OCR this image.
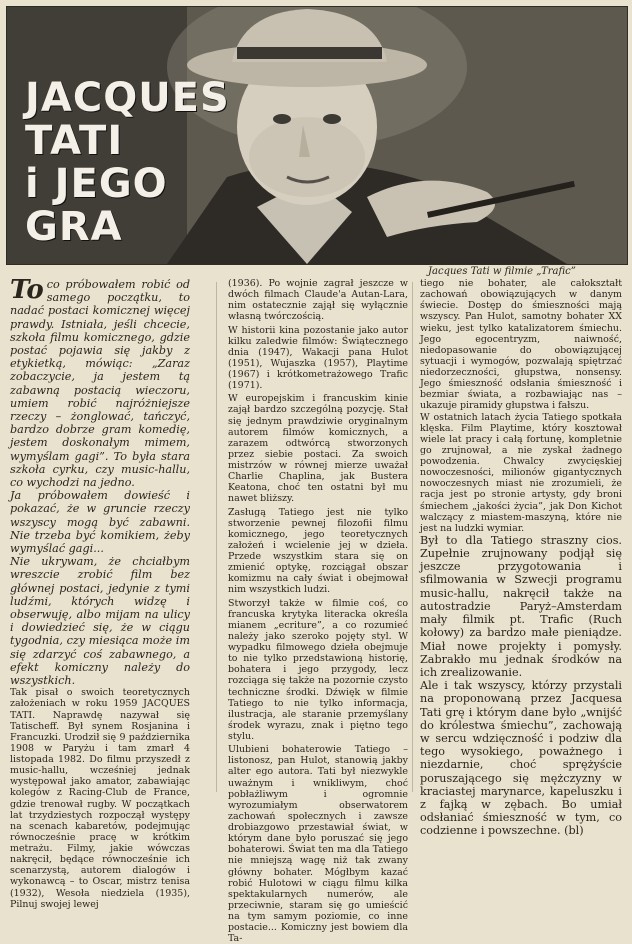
JACQUES
TATI
i JEGO
GRA
Jacques Tati w filmie „Trafic”

To co próbowałem robić od samego początku, to nadać postaci komicznej więcej prawdy. Istniała, jeśli chcecie, szkoła filmu komicznego, gdzie postać pojawia się jakby z etykietką, mówiąc: „Zaraz zobaczycie, ja jestem tą zabawną postacią wieczoru, umiem robić najróżniejsze rzeczy – żonglować, tańczyć, bardzo dobrze gram komedię, jestem doskonałym mimem, wymyślam gagi”. To była stara szkoła cyrku, czy music-hallu, co wychodzi na jedno.

Ja próbowałem dowieść i pokazać, że w gruncie rzeczy wszyscy mogą być zabawni. Nie trzeba być komikiem, żeby wymyślać gagi...

Nie ukrywam, że chciałbym wreszcie zrobić film bez głównej postaci, jedynie z tymi ludźmi, których widzę i obserwuję, albo mijam na ulicy i dowiedzieć się, że w ciągu tygodnia, czy miesiąca może im się zdarzyć coś zabawnego, a efekt komiczny należy do wszystkich.

Tak pisał o swoich teoretycznych założeniach w roku 1959 JACQUES TATI. Naprawdę nazywał się Tatischeff. Był synem Rosjanina i Francuzki. Urodził się 9 października 1908 w Paryżu i tam zmarł 4 listopada 1982. Do filmu przyszedł z music-hallu, wcześniej jednak występował jako amator, zabawiając kolegów z Racing-Club de France, gdzie trenował rugby. W początkach lat trzydziestych rozpoczął występy na scenach kabaretów, podejmując równocześnie pracę w krótkim metrażu. Filmy, jakie wówczas nakręcił, będące równocześnie ich scenarzystą, autorem dialogów i wykonawcą – to Oscar, mistrz tenisa (1932), Wesoła niedziela (1935), Pilnuj swojej lewej

(1936). Po wojnie zagrał jeszcze w dwóch filmach Claude'a Autan-Lara, nim ostatecznie zajął się wyłącznie własną twórczością.

W historii kina pozostanie jako autor kilku zaledwie filmów: Świątecznego dnia (1947), Wakacji pana Hulot (1951), Wujaszka (1957), Playtime (1967) i krótkometrażowego Trafic (1971).

W europejskim i francuskim kinie zajął bardzo szczególną pozycję. Stał się jednym prawdziwie oryginalnym autorem filmów komicznych, a zarazem odtwórcą stworzonych przez siebie postaci. Za swoich mistrzów w równej mierze uważał Charlie Chaplina, jak Bustera Keatona, choć ten ostatni był mu nawet bliższy.

Zasługą Tatiego jest nie tylko stworzenie pewnej filozofii filmu komicznego, jego teoretycznych założeń i wcielenie jej w dzieła. Przede wszystkim stara się on zmienić optykę, rozciągał obszar komizmu na cały świat i obejmował nim wszystkich ludzi.

Stworzył także w filmie coś, co francuska krytyka literacka określa mianem „ecriture”, a co rozumieć należy jako szeroko pojęty styl. W wypadku filmowego dzieła obejmuje to nie tylko przedstawioną historię, bohatera i jego przygody, lecz rozciąga się także na pozornie czysto techniczne środki. Dźwięk w filmie Tatiego to nie tylko informacja, ilustracja, ale staranie przemyślany środek wyrazu, znak i piętno tego stylu.

Ulubieni bohaterowie Tatiego – listonosz, pan Hulot, stanowią jakby alter ego autora. Tati był niezwykle uważnym i wnikliwym, choć pobłażliwym i ogromnie wyrozumiałym obserwatorem zachowań społecznych i zawsze drobiazgowo przestawiał świat, w którym dane było poruszać się jego bohaterowi. Świat ten ma dla Tatiego nie mniejszą wagę niż tak zwany główny bohater. Mógłbym kazać robić Hulotowi w ciągu filmu kilka spektakularnych numerów, ale przeciwnie, staram się go umieścić na tym samym poziomie, co inne postacie... Komiczny jest bowiem dla Ta-

tiego nie bohater, ale całokształt zachowań obowiązujących w danym świecie. Dostęp do śmieszności mają wszyscy. Pan Hulot, samotny bohater XX wieku, jest tylko katalizatorem śmiechu. Jego egocentryzm, naiwność, niedopasowanie do obowiązującej sytuacji i wymogów, pozwalają spiętrzać niedorzeczności, głupstwa, nonsensy. Jego śmieszność odsłania śmieszność i bezmiar świata, a rozbawiając nas – ukazuje piramidy głupstwa i fałszu.

W ostatnich latach życia Tatiego spotkała klęska. Film Playtime, który kosztował wiele lat pracy i całą fortunę, kompletnie go zrujnował, a nie zyskał żadnego powodzenia. Chwalcy zwycięskiej nowoczesności, milionów gigantycznych nowoczesnych miast nie zrozumieli, że racja jest po stronie artysty, gdy broni śmiechem „jakości życia”, jak Don Kichot walczący z miastem-maszyną, które nie jest na ludzki wymiar.

Był to dla Tatiego straszny cios. Zupełnie zrujnowany podjął się jeszcze przygotowania i sfilmowania w Szwecji programu music-hallu, nakręcił także na autostradzie Paryż–Amsterdam mały filmik pt. Trafic (Ruch kołowy) za bardzo małe pieniądze. Miał nowe projekty i pomysły. Zabrakło mu jednak środków na ich zrealizowanie.

Ale i tak wszyscy, którzy przystali na proponowaną przez Jacquesa Tati grę i którym dane było „wnijść do królestwa śmiechu”, zachowają w sercu wdzięczność i podziw dla tego wysokiego, poważnego i niezdarnie, choć sprężyście poruszającego się mężczyzny w kraciastej marynarce, kapeluszku i z fajką w zębach. Bo umiał odsłaniać śmieszność w tym, co codzienne i powszechne. (bl)
